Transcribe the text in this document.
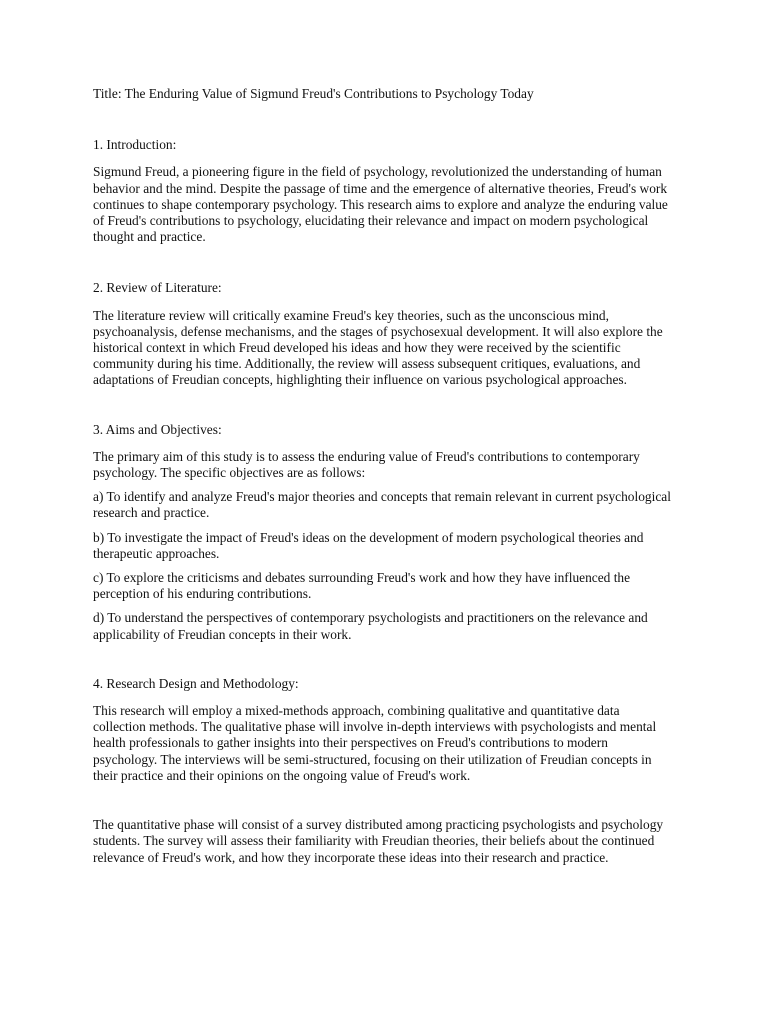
Title: The Enduring Value of Sigmund Freud's Contributions to Psychology Today

1. Introduction:

Sigmund Freud, a pioneering figure in the field of psychology, revolutionized the understanding of human behavior and the mind. Despite the passage of time and the emergence of alternative theories, Freud's work continues to shape contemporary psychology. This research aims to explore and analyze the enduring value of Freud's contributions to psychology, elucidating their relevance and impact on modern psychological thought and practice.

2. Review of Literature:

The literature review will critically examine Freud's key theories, such as the unconscious mind, psychoanalysis, defense mechanisms, and the stages of psychosexual development. It will also explore the historical context in which Freud developed his ideas and how they were received by the scientific community during his time. Additionally, the review will assess subsequent critiques, evaluations, and adaptations of Freudian concepts, highlighting their influence on various psychological approaches.

3. Aims and Objectives:

The primary aim of this study is to assess the enduring value of Freud's contributions to contemporary psychology. The specific objectives are as follows:

a) To identify and analyze Freud's major theories and concepts that remain relevant in current psychological research and practice.

b) To investigate the impact of Freud's ideas on the development of modern psychological theories and therapeutic approaches.

c) To explore the criticisms and debates surrounding Freud's work and how they have influenced the perception of his enduring contributions.

d) To understand the perspectives of contemporary psychologists and practitioners on the relevance and applicability of Freudian concepts in their work.

4. Research Design and Methodology:

This research will employ a mixed-methods approach, combining qualitative and quantitative data collection methods. The qualitative phase will involve in-depth interviews with psychologists and mental health professionals to gather insights into their perspectives on Freud's contributions to modern psychology. The interviews will be semi-structured, focusing on their utilization of Freudian concepts in their practice and their opinions on the ongoing value of Freud's work.

The quantitative phase will consist of a survey distributed among practicing psychologists and psychology students. The survey will assess their familiarity with Freudian theories, their beliefs about the continued relevance of Freud's work, and how they incorporate these ideas into their research and practice.
